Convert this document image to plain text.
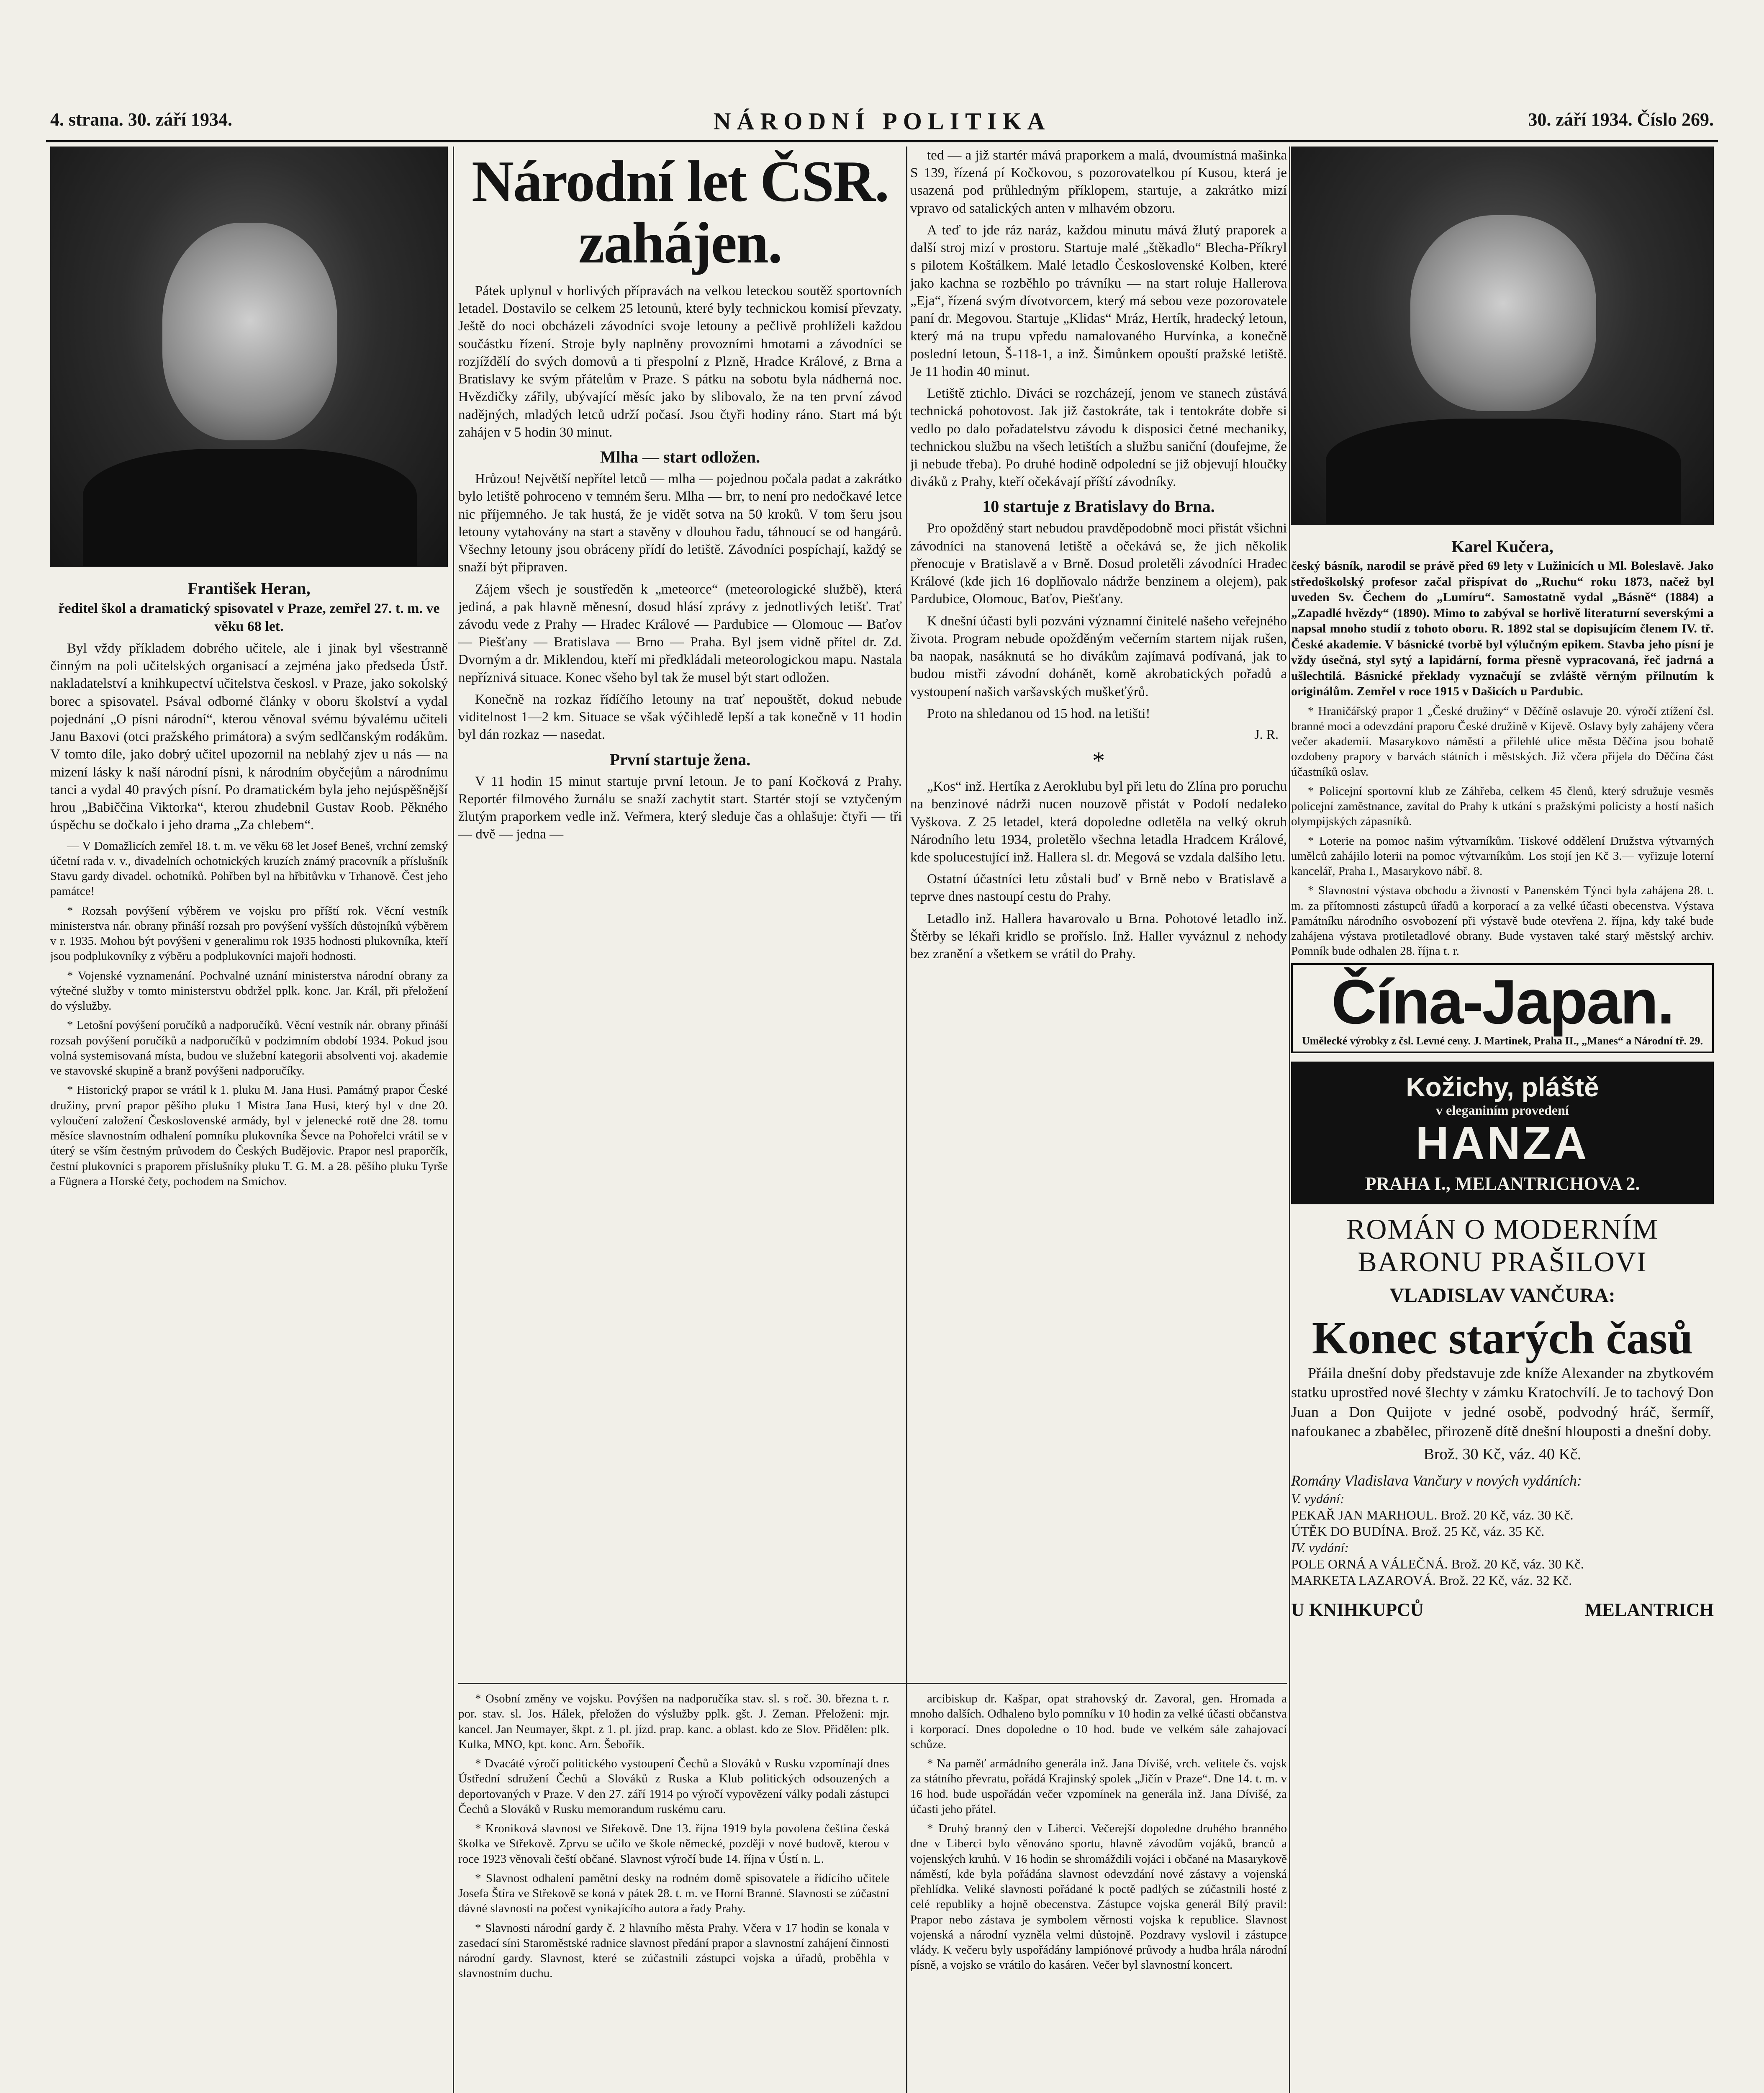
4. strana. 30. září 1934.	NÁRODNÍ POLITIKA	30. září 1934. Číslo 269.
František Heran,
ředitel škol a dramatický spisovatel v Praze, zemřel 27. t. m. ve věku 68 let.

Byl vždy příkladem dobrého učitele, ale i jinak byl všestranně činným na poli učitelských organisací a zejména jako předseda Ústř. nakladatelství a knihkupectví učitelstva českosl. v Praze, jako sokolský borec a spisovatel. Psával odborné články v oboru školství a vydal pojednání „O písni národní“, kterou věnoval svému bývalému učiteli Janu Baxovi (otci pražského primátora) a svým sedlčanským rodákům. V tomto díle, jako dobrý učitel upozornil na neblahý zjev u nás — na mizení lásky k naší národní písni, k národním obyčejům a národnímu tanci a vydal 40 pravých písní. Po dramatickém byla jeho nejúspěšnější hrou „Babiččina Viktorka“, kterou zhudebnil Gustav Roob. Pěkného úspěchu se dočkalo i jeho drama „Za chlebem“.

— V Domažlicích zemřel 18. t. m. ve věku 68 let Josef Beneš, vrchní zemský účetní rada v. v., divadelních ochotnických kruzích známý pracovník a příslušník Stavu gardy divadel. ochotníků. Pohřben byl na hřbitůvku v Trhanově. Čest jeho památce!

* Rozsah povýšení výběrem ve vojsku pro příští rok. Věcní vestník ministerstva nár. obrany přináší rozsah pro povýšení vyšších důstojníků výběrem v r. 1935. Mohou být povýšeni v generalimu rok 1935 hodnosti plukovníka, kteří jsou podplukovníky z výběru a podplukovníci majoři hodnosti.

* Vojenské vyznamenání. Pochvalné uznání ministerstva národní obrany za výtečné služby v tomto ministerstvu obdržel pplk. konc. Jar. Král, při přeložení do výslužby.

* Letošní povýšení poručíků a nadporučíků. Věcní vestník nár. obrany přináší rozsah povýšení poručíků a nadporučíků v podzimním období 1934. Pokud jsou volná systemisovaná místa, budou ve služební kategorii absolventi voj. akademie ve stavovské skupině a branž povýšeni nadporučíky.

* Historický prapor se vrátil k 1. pluku M. Jana Husi. Památný prapor České družiny, první prapor pěšího pluku 1 Mistra Jana Husi, který byl v dne 20. vyloučení založení Československé armády, byl v jelenecké rotě dne 28. tomu měsíce slavnostním odhalení pomníku plukovníka Ševce na Pohořelci vrátil se v úterý se vším čestným průvodem do Českých Budějovic. Prapor nesl praporčík, čestní plukovníci s praporem příslušníky pluku T. G. M. a 28. pěšího pluku Tyrše a Fügnera a Horské čety, pochodem na Smíchov.

Národní let ČSR. zahájen.

Pátek uplynul v horlivých přípravách na velkou leteckou soutěž sportovních letadel. Dostavilo se celkem 25 letounů, které byly technickou komisí převzaty. Ještě do noci obcházeli závodníci svoje letouny a pečlivě prohlíželi každou součástku řízení. Stroje byly naplněny provozními hmotami a závodníci se rozjíždělí do svých domovů a ti přespolní z Plzně, Hradce Králové, z Brna a Bratislavy ke svým přátelům v Praze. S pátku na sobotu byla nádherná noc. Hvězdičky zářily, ubývající měsíc jako by slibovalo, že na ten první závod nadějných, mladých letců udrží počasí. Jsou čtyři hodiny ráno. Start má být zahájen v 5 hodin 30 minut.

Mlha — start odložen.

Hrůzou! Největší nepřítel letců — mlha — pojednou počala padat a zakrátko bylo letiště pohroceno v temném šeru. Mlha — brr, to není pro nedočkavé letce nic příjemného. Je tak hustá, že je vidět sotva na 50 kroků. V tom šeru jsou letouny vytahovány na start a stavěny v dlouhou řadu, táhnoucí se od hangárů. Všechny letouny jsou obráceny přídí do letiště. Závodníci pospíchají, každý se snaží být připraven.

Zájem všech je soustředěn k „meteorce“ (meteorologické službě), která jediná, a pak hlavně měnesní, dosud hlásí zprávy z jednotlivých letišť. Trať závodu vede z Prahy — Hradec Králové — Pardubice — Olomouc — Baťov — Piešťany — Bratislava — Brno — Praha. Byl jsem vidně přítel dr. Zd. Dvorným a dr. Miklendou, kteří mi předkládali meteorologickou mapu. Nastala nepříznivá situace. Konec všeho byl tak že musel být start odložen.

Konečně na rozkaz řídíčího letouny na trať nepouštět, dokud nebude viditelnost 1—2 km. Situace se však výčihledě lepší a tak konečně v 11 hodin byl dán rozkaz — nasedat.

První startuje žena.

V 11 hodin 15 minut startuje první letoun. Je to paní Kočková z Prahy. Reportér filmového žurnálu se snaží zachytit start. Startér stojí se vztyčeným žlutým praporkem vedle inž. Veřmera, který sleduje čas a ohlašuje: čtyři — tři — dvě — jedna —

ted — a již startér mává praporkem a malá, dvoumístná mašinka S 139, řízená pí Kočkovou, s pozorovatelkou pí Kusou, která je usazená pod průhledným příklopem, startuje, a zakrátko mizí vpravo od satalických anten v mlhavém obzoru.

A teď to jde ráz naráz, každou minutu mává žlutý praporek a další stroj mizí v prostoru. Startuje malé „štěkadlo“ Blecha-Příkryl s pilotem Koštálkem. Malé letadlo Československé Kolben, které jako kachna se rozběhlo po trávníku — na start roluje Hallerova „Eja“, řízená svým dívotvorcem, který má sebou veze pozorovatele paní dr. Megovou. Startuje „Klidas“ Mráz, Hertík, hradecký letoun, který má na trupu vpředu namalovaného Hurvínka, a konečně poslední letoun, Š-118-1, a inž. Šimůnkem opouští pražské letiště. Je 11 hodin 40 minut.

Letiště ztichlo. Diváci se rozcházejí, jenom ve stanech zůstává technická pohotovost. Jak již častokráte, tak i tentokráte dobře si vedlo po dalo pořadatelstvu závodu k disposici četné mechaniky, technickou službu na všech letištích a službu saniční (doufejme, že ji nebude třeba). Po druhé hodině odpolední se již objevují hloučky diváků z Prahy, kteří očekávají příští závodníky.

10 startuje z Bratislavy do Brna.

Pro opožděný start nebudou pravděpodobně moci přistát všichni závodníci na stanovená letiště a očekává se, že jich několik přenocuje v Bratislavě a v Brně. Dosud proletěli závodníci Hradec Králové (kde jich 16 doplňovalo nádrže benzinem a olejem), pak Pardubice, Olomouc, Baťov, Piešťany.

K dnešní účasti byli pozváni významní činitelé našeho veřejného života. Program nebude opožděným večerním startem nijak rušen, ba naopak, nasáknutá se ho divákům zajímavá podívaná, jak to budou mistři závodní dohánět, komě akrobatických pořadů a vystoupení našich varšavských muškeťýrů.

Proto na shledanou od 15 hod. na letišti!

J. R.
*

„Kos“ inž. Hertíka z Aeroklubu byl při letu do Zlína pro poruchu na benzinové nádrži nucen nouzově přistát v Podolí nedaleko Vyškova. Z 25 letadel, která dopoledne odletěla na velký okruh Národního letu 1934, proletělo všechna letadla Hradcem Králové, kde spolucestující inž. Hallera sl. dr. Megová se vzdala dalšího letu.

Ostatní účastníci letu zůstali buď v Brně nebo v Bratislavě a teprve dnes nastoupí cestu do Prahy.

Letadlo inž. Hallera havarovalo u Brna. Pohotové letadlo inž. Štěrby se lékaři kridlo se proříslo. Inž. Haller vyváznul z nehody bez zranění a všetkem se vrátil do Prahy.

* Osobní změny ve vojsku. Povýšen na nadporučíka stav. sl. s roč. 30. března t. r. por. stav. sl. Jos. Hálek, přeložen do výslužby pplk. gšt. J. Zeman. Přeloženi: mjr. kancel. Jan Neumayer, škpt. z 1. pl. jízd. prap. kanc. a oblast. kdo ze Slov. Přidělen: plk. Kulka, MNO, kpt. konc. Arn. Šebořík.

* Dvacáté výročí politického vystoupení Čechů a Slováků v Rusku vzpomínají dnes Ústřední sdružení Čechů a Slováků z Ruska a Klub politických odsouzených a deportovaných v Praze. V den 27. září 1914 po výročí vypovězení války podali zástupci Čechů a Slováků v Rusku memorandum ruskému caru.

* Kroniková slavnost ve Střekově. Dne 13. října 1919 byla povolena čeština česká školka ve Střekově. Zprvu se učilo ve škole německé, později v nové budově, kterou v roce 1923 věnovali čeští občané. Slavnost výročí bude 14. října v Ústí n. L.

* Slavnost odhalení pamětní desky na rodném domě spisovatele a řídícího učitele Josefa Štíra ve Střekově se koná v pátek 28. t. m. ve Horní Branné. Slavnosti se zúčastní dávné slavnosti na počest vynikajícího autora a řady Prahy.

* Slavnosti národní gardy č. 2 hlavního města Prahy. Včera v 17 hodin se konala v zasedací síni Staroměstské radnice slavnost předání prapor a slavnostní zahájení činnosti národní gardy. Slavnost, které se zúčastnili zástupci vojska a úřadů, proběhla v slavnostním duchu.

arcibiskup dr. Kašpar, opat strahovský dr. Zavoral, gen. Hromada a mnoho dalších. Odhaleno bylo pomníku v 10 hodin za velké účasti občanstva i korporací. Dnes dopoledne o 10 hod. bude ve velkém sále zahajovací schůze.

* Na paměť armádního generála inž. Jana Dívišé, vrch. velitele čs. vojsk za státního převratu, pořádá Krajinský spolek „Jičín v Praze“. Dne 14. t. m. v 16 hod. bude uspořádán večer vzpomínek na generála inž. Jana Dívišé, za účasti jeho přátel.

* Druhý branný den v Liberci. Večerejší dopoledne druhého branného dne v Liberci bylo věnováno sportu, hlavně závodům vojáků, branců a vojenských kruhů. V 16 hodin se shromáždili vojáci i občané na Masarykově náměstí, kde byla pořádána slavnost odevzdání nové zástavy a vojenská přehlídka. Veliké slavnosti pořádané k poctě padlých se zúčastnili hosté z celé republiky a hojně obecenstva. Zástupce vojska generál Bílý pravil: Prapor nebo zástava je symbolem věrnosti vojska k republice. Slavnost vojenská a národní vyzněla velmi důstojně. Pozdravy vyslovil i zástupce vlády. K večeru byly uspořádány lampiónové průvody a hudba hrála národní písně, a vojsko se vrátilo do kasáren. Večer byl slavnostní koncert.

Karel Kučera,
český básník, narodil se právě před 69 lety v Lužinicích u Ml. Boleslavě. Jako středoškolský profesor začal přispívat do „Ruchu“ roku 1873, načež byl uveden Sv. Čechem do „Lumíru“. Samostatně vydal „Básně“ (1884) a „Zapadlé hvězdy“ (1890). Mimo to zabýval se horlivě literaturní severskými a napsal mnoho studií z tohoto oboru. R. 1892 stal se dopisujícím členem IV. tř. České akademie. V básnické tvorbě byl výlučným epikem. Stavba jeho písní je vždy úsečná, styl sytý a lapidární, forma přesně vypracovaná, řeč jadrná a ušlechtilá. Básnické překlady vyznačují se zvláště věrným přilnutím k originálům. Zemřel v roce 1915 v Dašicích u Pardubic.

* Hraničářský prapor 1 „České družiny“ v Děčíně oslavuje 20. výročí ztížení čsl. branné moci a odevzdání praporu České družině v Kijevě. Oslavy byly zahájeny včera večer akademií. Masarykovo náměstí a přilehlé ulice města Děčína jsou bohatě ozdobeny prapory v barvách státních i městských. Již včera přijela do Děčína část účastníků oslav.

* Policejní sportovní klub ze Záhřeba, celkem 45 členů, který sdružuje vesměs policejní zaměstnance, zavítal do Prahy k utkání s pražskými policisty a hostí našich olympijských zápasníků.

* Loterie na pomoc našim výtvarníkům. Tiskové oddělení Družstva výtvarných umělců zahájilo loterii na pomoc výtvarníkům. Los stojí jen Kč 3.— vyřizuje loterní kancelář, Praha I., Masarykovo nábř. 8.

* Slavnostní výstava obchodu a živností v Panenském Týnci byla zahájena 28. t. m. za přítomnosti zástupců úřadů a korporací a za velké účasti obecenstva. Výstava Památníku národního osvobození při výstavě bude otevřena 2. října, kdy také bude zahájena výstava protiletadlové obrany. Bude vystaven také starý městský archiv. Pomník bude odhalen 28. října t. r.

Čína-Japan.
Umělecké výrobky z čsl. Levné ceny. J. Martinek, Praha II., „Manes“ a Národní tř. 29.
Kožichy, pláště
v eleganiním provedení
HANZA
PRAHA I., MELANTRICHOVA 2.
ROMÁN O MODERNÍM BARONU PRAŠILOVI
VLADISLAV VANČURA:
Konec starých časů

Přáila dnešní doby představuje zde kníže Alexander na zbytkovém statku uprostřed nové šlechty v zámku Kratochvílí. Je to tachový Don Juan a Don Quijote v jedné osobě, podvodný hráč, šermíř, nafoukanec a zbabělec, přirozeně dítě dnešní hlouposti a dnešní doby.

Brož. 30 Kč, váz. 40 Kč.
Romány Vladislava Vančury v nových vydáních:
V. vydání:
PEKAŘ JAN MARHOUL. Brož. 20 Kč, váz. 30 Kč.
ÚTĚK DO BUDÍNA. Brož. 25 Kč, váz. 35 Kč.
IV. vydání:
POLE ORNÁ A VÁLEČNÁ. Brož. 20 Kč, váz. 30 Kč.
MARKETA LAZAROVÁ. Brož. 22 Kč, váz. 32 Kč.
U KNIHKUPCŮ	MELANTRICH
